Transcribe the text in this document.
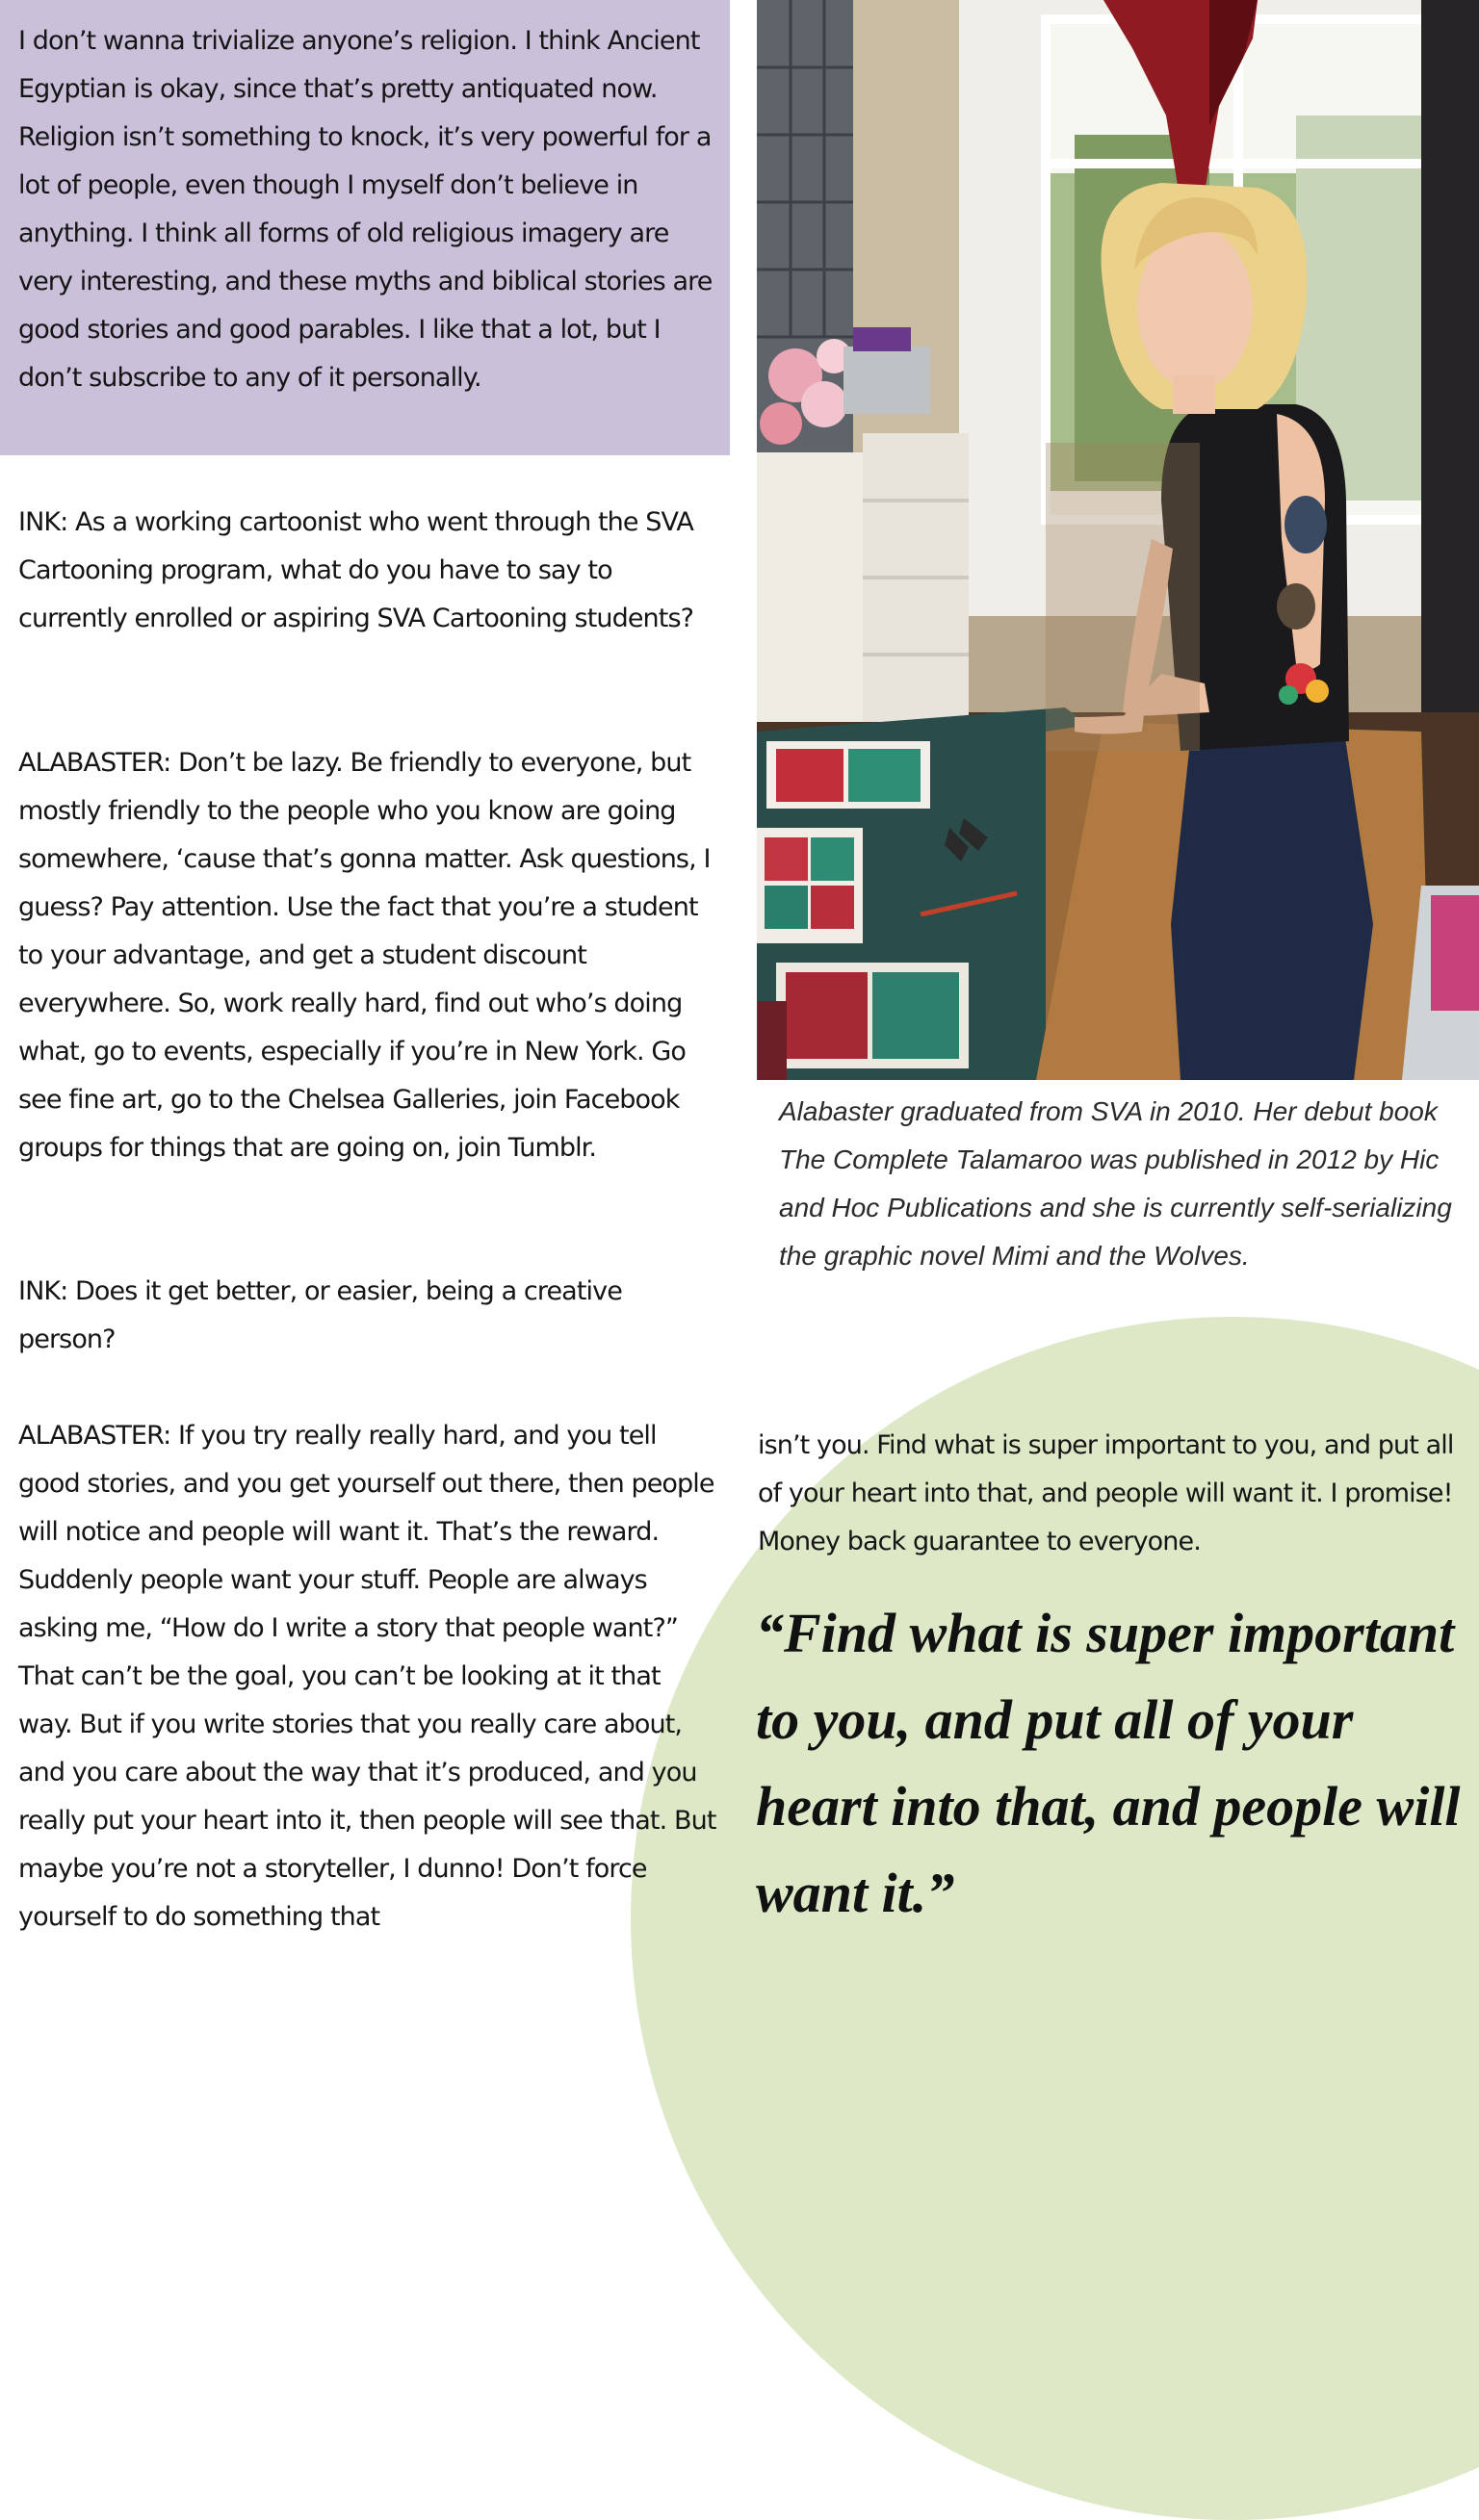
I don’t wanna trivialize anyone’s religion. I think Ancient Egyptian is okay, since that’s pretty antiquated now. Religion isn’t something to knock, it’s very powerful for a lot of people, even though I myself don’t believe in anything. I think all forms of old religious imagery are very interesting, and these myths and biblical stories are good stories and good parables. I like that a lot, but I don’t subscribe to any of it personally.

INK: As a working cartoonist who went through the SVA Cartooning program, what do you have to say to currently enrolled or aspiring SVA Cartooning students?

ALABASTER: Don’t be lazy. Be friendly to everyone, but mostly friendly to the people who you know are going somewhere, ‘cause that’s gonna matter. Ask questions, I guess? Pay attention. Use the fact that you’re a student to your advantage, and get a student discount everywhere. So, work really hard, find out who’s doing what, go to events, especially if you’re in New York. Go see fine art, go to the Chelsea Galleries, join Facebook groups for things that are going on, join Tumblr.

INK: Does it get better, or easier, being a creative person?

ALABASTER: If you try really really hard, and you tell good stories, and you get yourself out there, then people will notice and people will want it. That’s the reward. Suddenly people want your stuff. People are always asking me, “How do I write a story that people want?” That can’t be the goal, you can’t be looking at it that way. But if you write stories that you really care about, and you care about the way that it’s produced, and you really put your heart into it, then people will see that. But maybe you’re not a storyteller, I dunno! Don’t force yourself to do something that

Alabaster graduated from SVA in 2010. Her debut book The Complete Talamaroo was published in 2012 by Hic and Hoc Publications and she is currently self-serializing the graphic novel Mimi and the Wolves.

isn’t you. Find what is super important to you, and put all of your heart into that, and people will want it. I promise! Money back guarantee to everyone.

“Find what is super important to you, and put all of your heart into that, and people will want it.”
